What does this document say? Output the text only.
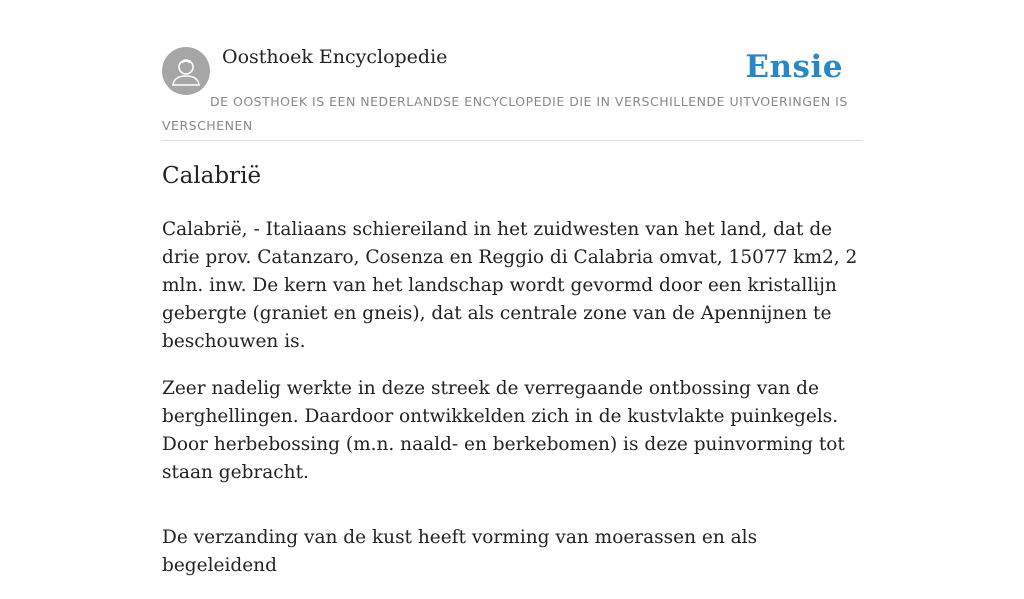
Oosthoek Encyclopedie	Ensie
DE OOSTHOEK IS EEN NEDERLANDSE ENCYCLOPEDIE DIE IN VERSCHILLENDE UITVOERINGEN IS VERSCHENEN
Calabrië

Calabrië, - Italiaans schiereiland in het zuidwesten van het land, dat de drie prov. Catanzaro, Cosenza en Reggio di Calabria omvat, 15077 km2, 2 mln. inw. De kern van het landschap wordt gevormd door een kristallijn gebergte (graniet en gneis), dat als centrale zone van de Apennijnen te beschouwen is.

Zeer nadelig werkte in deze streek de verregaande ontbossing van de berghellingen. Daardoor ontwikkelden zich in de kustvlakte puinkegels. Door herbebossing (m.n. naald- en berkebomen) is deze puinvorming tot staan gebracht.

De verzanding van de kust heeft vorming van moerassen en als begeleidend
